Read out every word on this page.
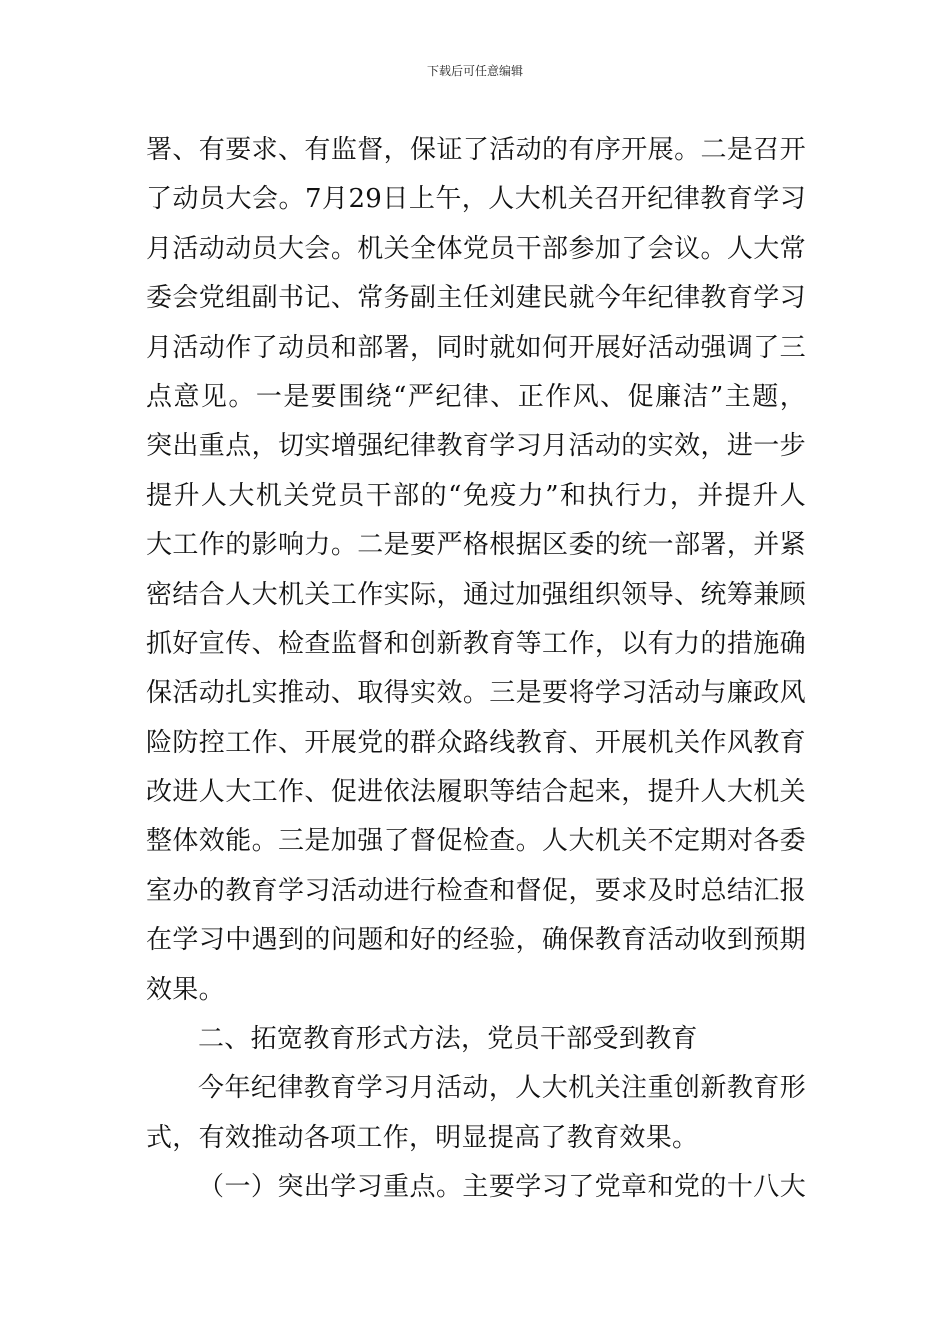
下载后可任意编辑
署、有要求、有监督，保证了活动的有序开展。二是召开
了动员大会。7月29日上午，人大机关召开纪律教育学习
月活动动员大会。机关全体党员干部参加了会议。人大常
委会党组副书记、常务副主任刘建民就今年纪律教育学习
月活动作了动员和部署，同时就如何开展好活动强调了三
点意见。一是要围绕“严纪律、正作风、促廉洁”主题，
突出重点，切实增强纪律教育学习月活动的实效，进一步
提升人大机关党员干部的“免疫力”和执行力，并提升人
大工作的影响力。二是要严格根据区委的统一部署，并紧
密结合人大机关工作实际，通过加强组织领导、统筹兼顾
抓好宣传、检查监督和创新教育等工作，以有力的措施确
保活动扎实推动、取得实效。三是要将学习活动与廉政风
险防控工作、开展党的群众路线教育、开展机关作风教育
改进人大工作、促进依法履职等结合起来，提升人大机关
整体效能。三是加强了督促检查。人大机关不定期对各委
室办的教育学习活动进行检查和督促，要求及时总结汇报
在学习中遇到的问题和好的经验，确保教育活动收到预期
效果。
二、拓宽教育形式方法，党员干部受到教育
今年纪律教育学习月活动，人大机关注重创新教育形
式，有效推动各项工作，明显提高了教育效果。
（一）突出学习重点。主要学习了党章和党的十八大
